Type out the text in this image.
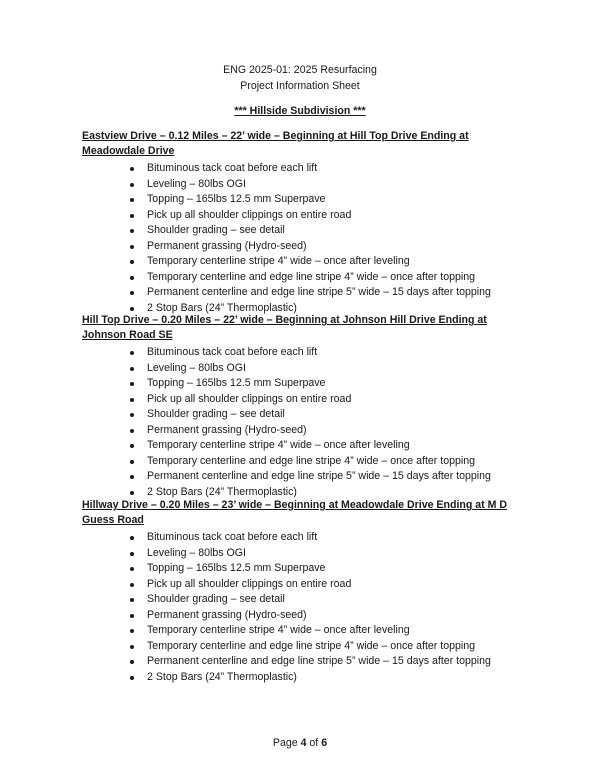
ENG 2025-01: 2025 Resurfacing
Project Information Sheet
*** Hillside Subdivision ***
Eastview Drive – 0.12 Miles – 22’ wide – Beginning at Hill Top Drive Ending at Meadowdale Drive
Bituminous tack coat before each lift
Leveling – 80lbs OGI
Topping – 165lbs 12.5 mm Superpave
Pick up all shoulder clippings on entire road
Shoulder grading – see detail
Permanent grassing (Hydro-seed)
Temporary centerline stripe 4” wide – once after leveling
Temporary centerline and edge line stripe 4” wide – once after topping
Permanent centerline and edge line stripe 5” wide – 15 days after topping
2 Stop Bars (24” Thermoplastic)
Hill Top Drive – 0.20 Miles – 22’ wide – Beginning at Johnson Hill Drive Ending at Johnson Road SE
Bituminous tack coat before each lift
Leveling – 80lbs OGI
Topping – 165lbs 12.5 mm Superpave
Pick up all shoulder clippings on entire road
Shoulder grading – see detail
Permanent grassing (Hydro-seed)
Temporary centerline stripe 4” wide – once after leveling
Temporary centerline and edge line stripe 4” wide – once after topping
Permanent centerline and edge line stripe 5” wide – 15 days after topping
2 Stop Bars (24” Thermoplastic)
Hillway Drive – 0.20 Miles – 23’ wide – Beginning at Meadowdale Drive Ending at M D Guess Road
Bituminous tack coat before each lift
Leveling – 80lbs OGI
Topping – 165lbs 12.5 mm Superpave
Pick up all shoulder clippings on entire road
Shoulder grading – see detail
Permanent grassing (Hydro-seed)
Temporary centerline stripe 4” wide – once after leveling
Temporary centerline and edge line stripe 4” wide – once after topping
Permanent centerline and edge line stripe 5” wide – 15 days after topping
2 Stop Bars (24” Thermoplastic)
Page 4 of 6
